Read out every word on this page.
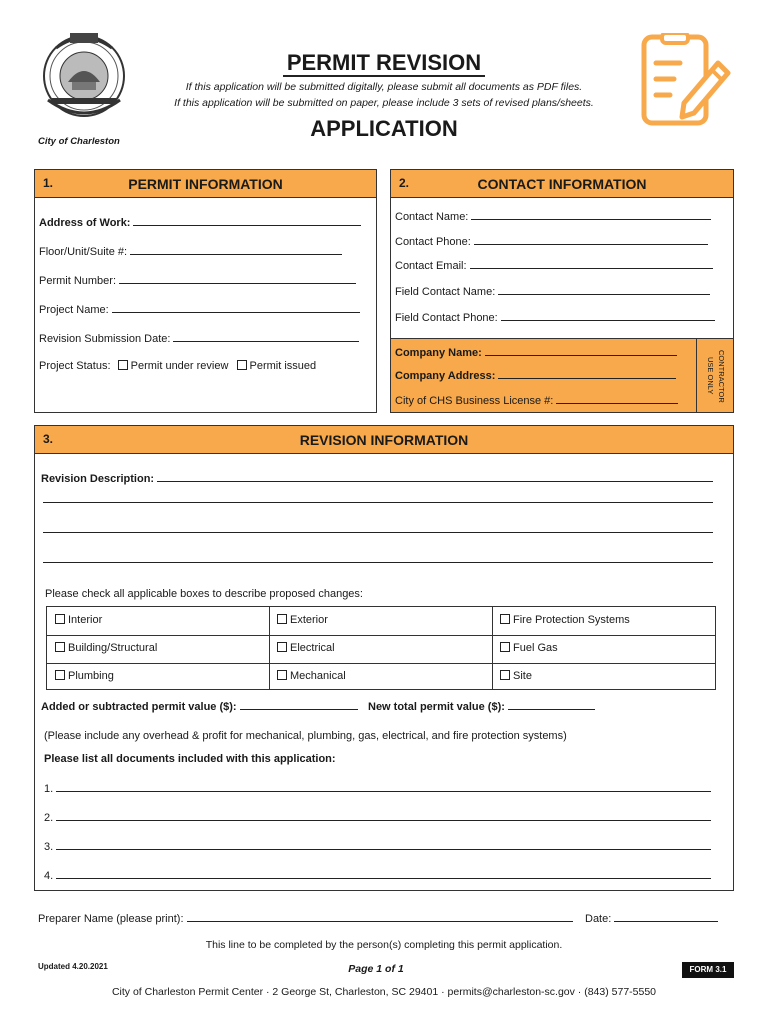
City of Charleston
PERMIT REVISION
If this application will be submitted digitally, please submit all documents as PDF files.
If this application will be submitted on paper, please include 3 sets of revised plans/sheets.
APPLICATION
1.	PERMIT INFORMATION
Address of Work:
Floor/Unit/Suite #:
Permit Number:
Project Name:
Revision Submission Date:
Project Status: Permit under review Permit issued
2.	CONTACT INFORMATION
Contact Name:
Contact Phone:
Contact Email:
Field Contact Name:
Field Contact Phone:
Company Name:
Company Address:
City of CHS Business License #:	CONTRACTOR USE ONLY
3.	REVISION INFORMATION
Revision Description:
Please check all applicable boxes to describe proposed changes:
Interior	Exterior	Fire Protection Systems
Building/Structural	Electrical	Fuel Gas
Plumbing	Mechanical	Site
Added or subtracted permit value ($):	New total permit value ($):
(Please include any overhead & profit for mechanical, plumbing, gas, electrical, and fire protection systems)
Please list all documents included with this application:
1.
2.
3.
4.
Preparer Name (please print):	Date:
This line to be completed by the person(s) completing this permit application.
Updated 4.20.2021	Page 1 of 1	FORM 3.1
City of Charleston Permit Center · 2 George St, Charleston, SC 29401 · permits@charleston-sc.gov · (843) 577-5550
